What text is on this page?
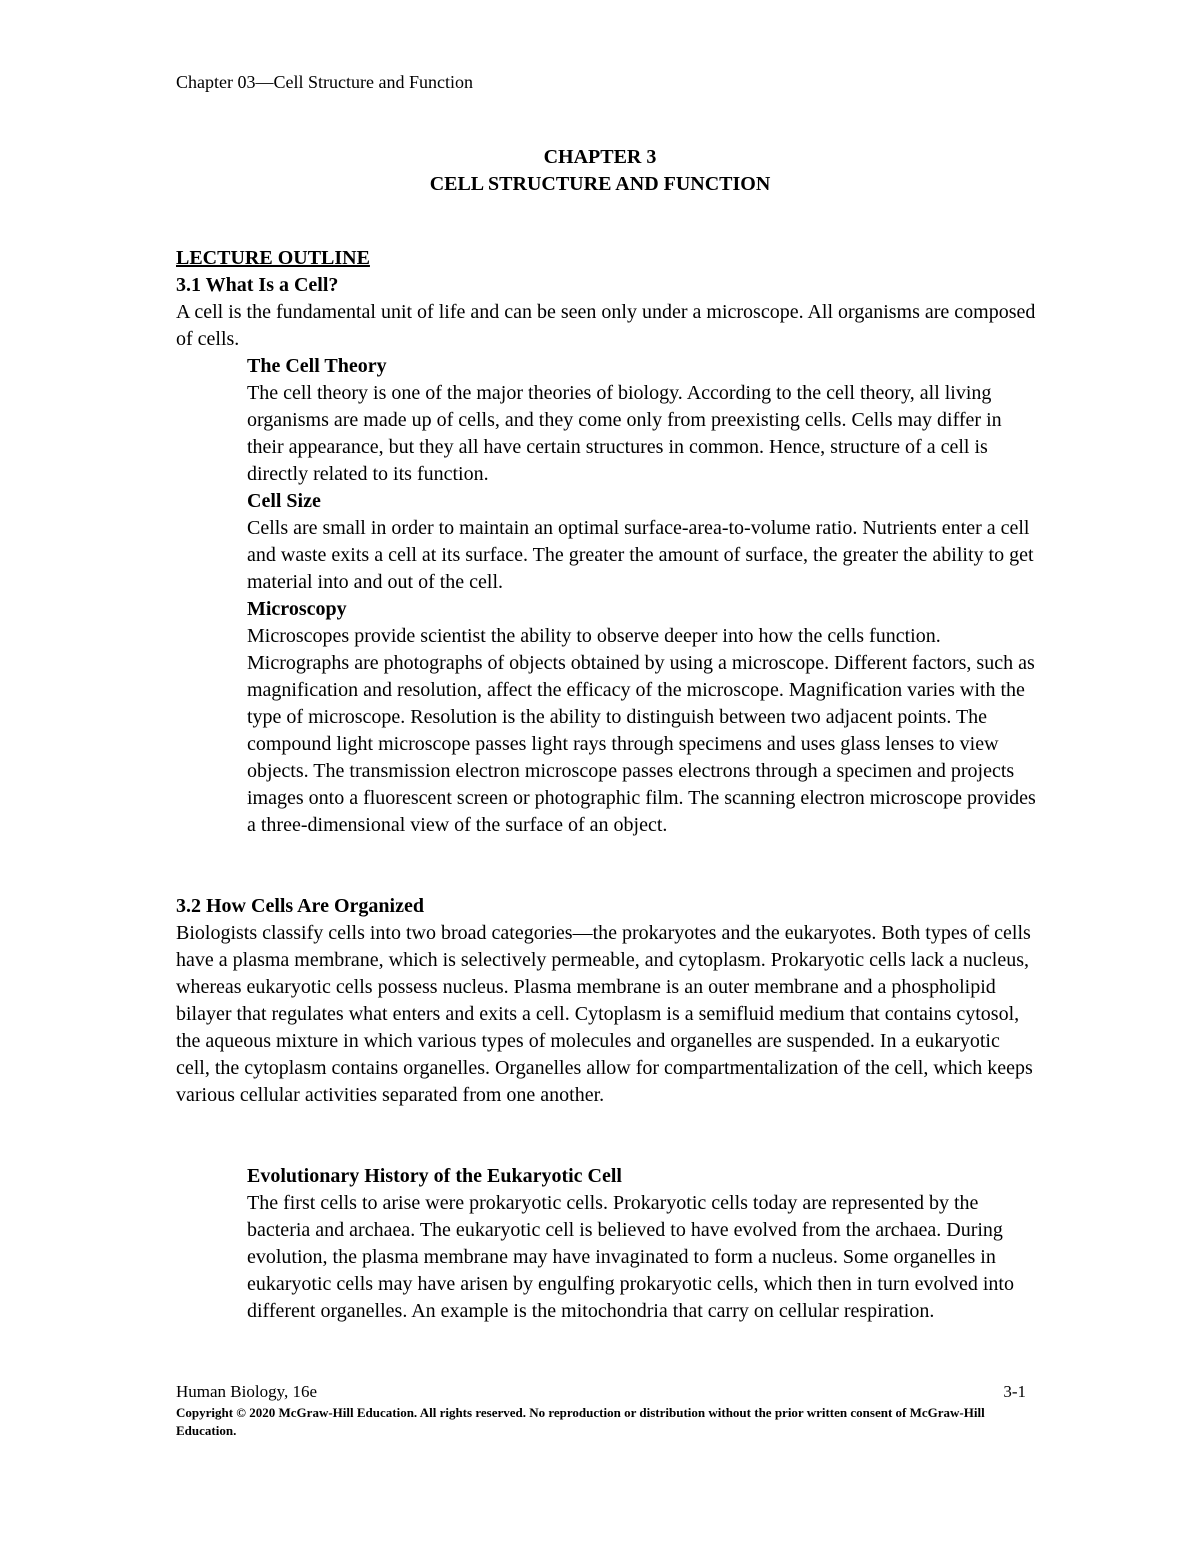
Chapter 03—Cell Structure and Function
CHAPTER 3
CELL STRUCTURE AND FUNCTION
LECTURE OUTLINE
3.1 What Is a Cell?
A cell is the fundamental unit of life and can be seen only under a microscope. All organisms are composed of cells.
The Cell Theory
The cell theory is one of the major theories of biology. According to the cell theory, all living organisms are made up of cells, and they come only from preexisting cells. Cells may differ in their appearance, but they all have certain structures in common. Hence, structure of a cell is directly related to its function.
Cell Size
Cells are small in order to maintain an optimal surface-area-to-volume ratio. Nutrients enter a cell and waste exits a cell at its surface. The greater the amount of surface, the greater the ability to get material into and out of the cell.
Microscopy
Microscopes provide scientist the ability to observe deeper into how the cells function. Micrographs are photographs of objects obtained by using a microscope. Different factors, such as magnification and resolution, affect the efficacy of the microscope. Magnification varies with the type of microscope. Resolution is the ability to distinguish between two adjacent points. The compound light microscope passes light rays through specimens and uses glass lenses to view objects. The transmission electron microscope passes electrons through a specimen and projects images onto a fluorescent screen or photographic film. The scanning electron microscope provides a three-dimensional view of the surface of an object.
3.2 How Cells Are Organized
Biologists classify cells into two broad categories—the prokaryotes and the eukaryotes. Both types of cells have a plasma membrane, which is selectively permeable, and cytoplasm. Prokaryotic cells lack a nucleus, whereas eukaryotic cells possess nucleus. Plasma membrane is an outer membrane and a phospholipid bilayer that regulates what enters and exits a cell. Cytoplasm is a semifluid medium that contains cytosol, the aqueous mixture in which various types of molecules and organelles are suspended. In a eukaryotic cell, the cytoplasm contains organelles. Organelles allow for compartmentalization of the cell, which keeps various cellular activities separated from one another.
Evolutionary History of the Eukaryotic Cell
The first cells to arise were prokaryotic cells. Prokaryotic cells today are represented by the bacteria and archaea. The eukaryotic cell is believed to have evolved from the archaea. During evolution, the plasma membrane may have invaginated to form a nucleus. Some organelles in eukaryotic cells may have arisen by engulfing prokaryotic cells, which then in turn evolved into different organelles. An example is the mitochondria that carry on cellular respiration.
Human Biology, 16e	3-1
Copyright © 2020 McGraw-Hill Education. All rights reserved. No reproduction or distribution without the prior written consent of McGraw-Hill Education.
